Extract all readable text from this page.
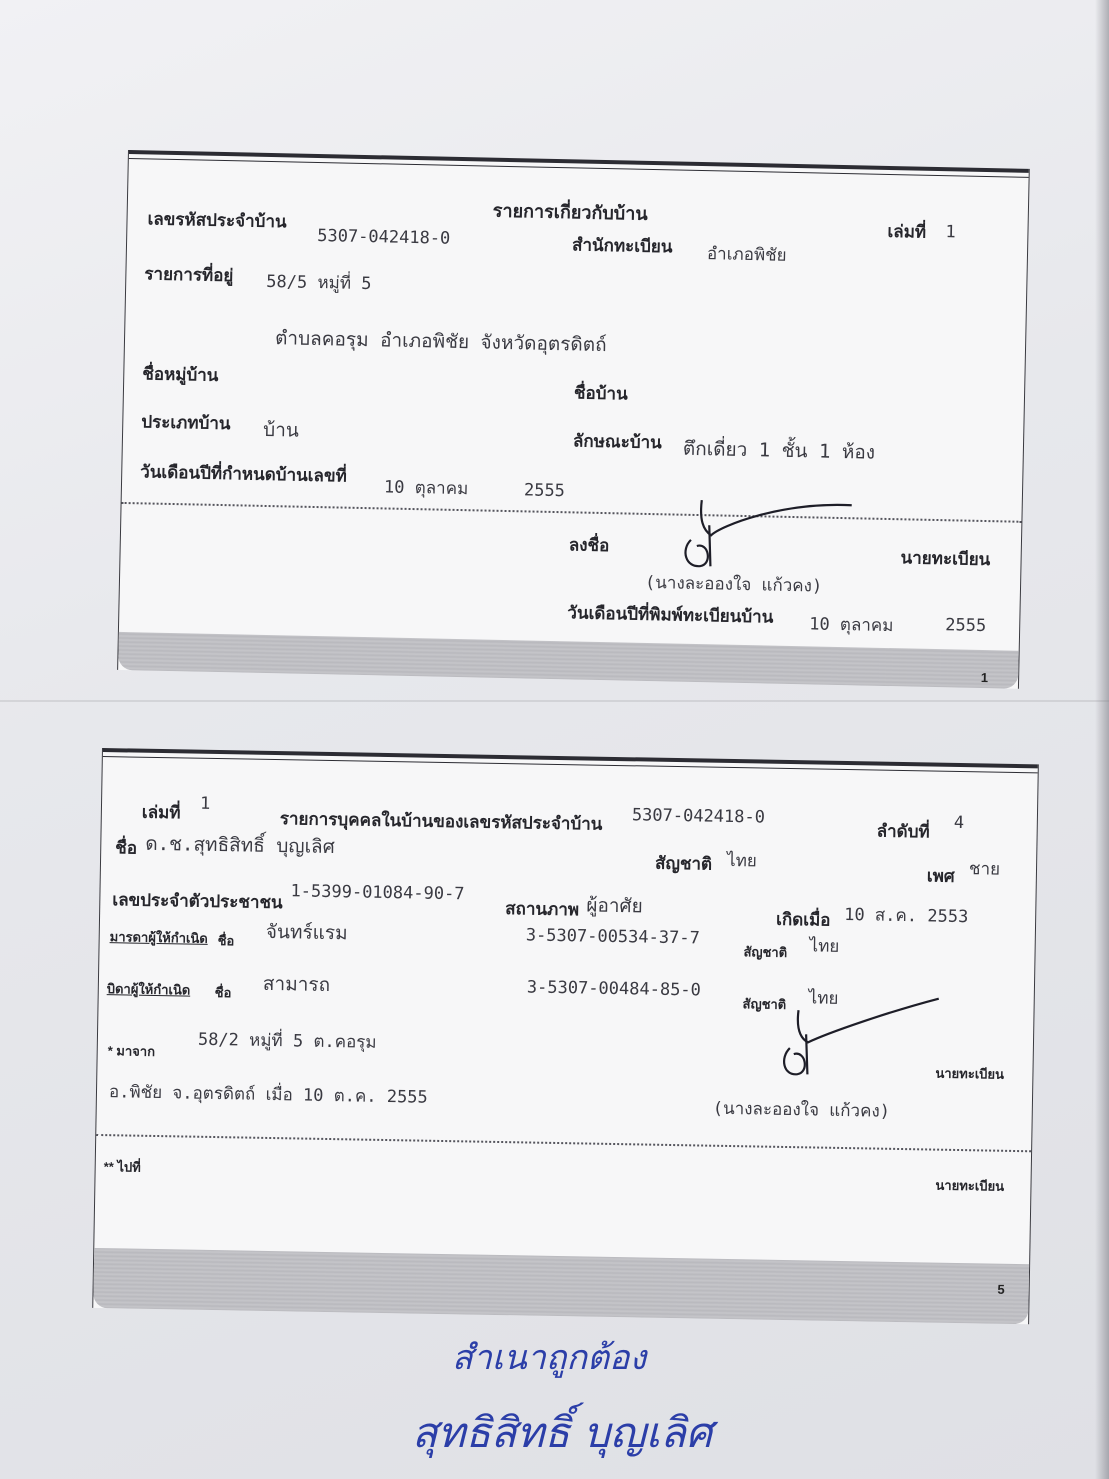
รายการเกี่ยวกับบ้าน
เลขรหัสประจำบ้าน
5307-042418-0	สำนักทะเบียน อำเภอพิชัย
เล่มที่ 1
รายการที่อยู่ 58/5 หมู่ที่ 5
ตำบลคอรุม อำเภอพิชัย จังหวัดอุตรดิตถ์
ชื่อหมู่บ้าน
ชื่อบ้าน
ประเภทบ้าน บ้าน
ลักษณะบ้าน ตึกเดี่ยว 1 ชั้น 1 ห้อง
วันเดือนปีที่กำหนดบ้านเลขที่
10 ตุลาคม	2555
ลงชื่อ
นายทะเบียน
(นางละอองใจ แก้วคง)
วันเดือนปีที่พิมพ์ทะเบียนบ้าน 10 ตุลาคม	2555
1
เล่มที่ 1
รายการบุคคลในบ้านของเลขรหัสประจำบ้าน 5307-042418-0
ลำดับที่ 4
ชื่อ ด.ช.สุทธิสิทธิ์ บุญเลิศ
สัญชาติ ไทย
เพศ ชาย
เลขประจำตัวประชาชน 1-5399-01084-90-7
สถานภาพ ผู้อาศัย
เกิดเมื่อ 10 ส.ค. 2553
มารดาผู้ให้กำเนิด ชื่อ จันทร์แรม	3-5307-00534-37-7
สัญชาติ ไทย
บิดาผู้ให้กำเนิด ชื่อ สามารถ	3-5307-00484-85-0
สัญชาติ ไทย
* มาจาก	58/2 หมู่ที่ 5 ต.คอรุม
นายทะเบียน
อ.พิชัย จ.อุตรดิตถ์ เมื่อ 10 ต.ค. 2555
(นางละอองใจ แก้วคง)
** ไปที่
นายทะเบียน
5
สำเนาถูกต้อง
สุทธิสิทธิ์ บุญเลิศ
